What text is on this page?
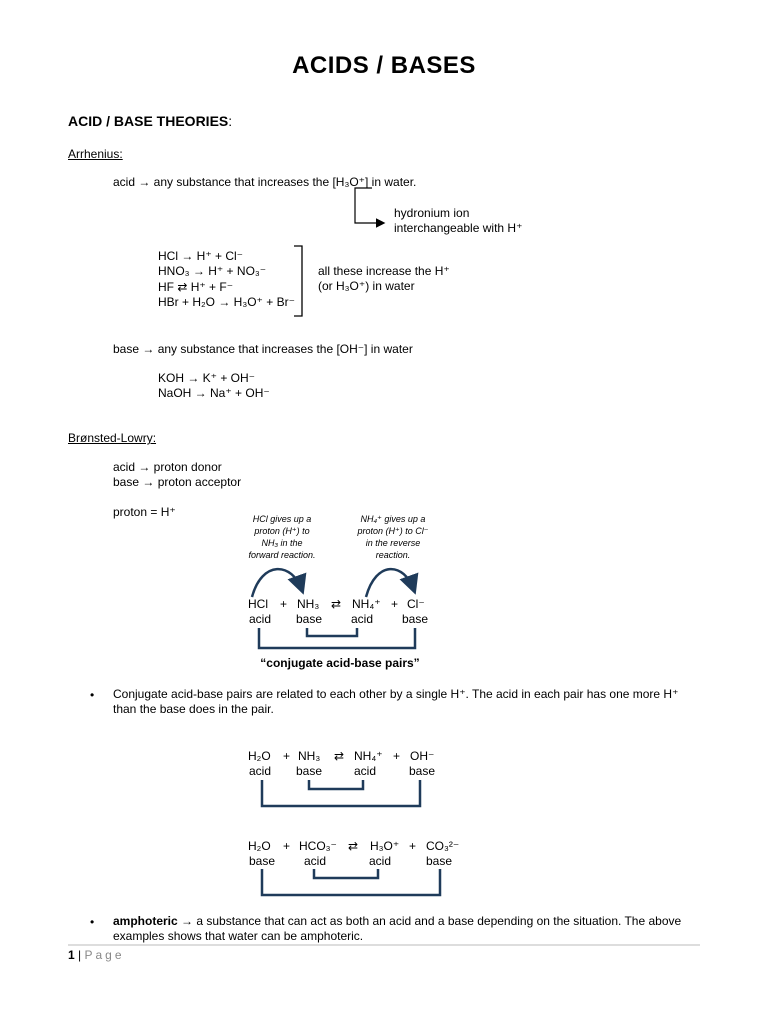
ACIDS / BASES
ACID / BASE THEORIES:
Arrhenius:
acid → any substance that increases the [H₃O⁺] in water.
hydronium ion
interchangeable with H⁺
HCl → H⁺ + Cl⁻
HNO₃ → H⁺ + NO₃⁻
HF ⇄ H⁺ + F⁻
HBr + H₂O → H₃O⁺ + Br⁻
all these increase the H⁺
(or H₃O⁺) in water
base → any substance that increases the [OH⁻] in water
KOH → K⁺ + OH⁻
NaOH → Na⁺ + OH⁻
Brønsted-Lowry:
acid → proton donor
base → proton acceptor
proton = H⁺	HCl gives up a
proton (H⁺) to
NH₃ in the
forward reaction.
NH₄⁺ gives up a
proton (H⁺) to Cl⁻
in the reverse
reaction.
HCl + NH₃ ⇄ NH₄⁺ + Cl⁻
acid	base	acid	base
“conjugate acid-base pairs”
• Conjugate acid-base pairs are related to each other by a single H⁺. The acid in each pair has one more H⁺
than the base does in the pair.
H₂O + NH₃ ⇄ NH₄⁺ + OH⁻
acid	base	acid	base
H₂O + HCO₃⁻ ⇄ H₃O⁺ + CO₃²⁻
base	acid	acid	base
• amphoteric → a substance that can act as both an acid and a base depending on the situation. The above
examples shows that water can be amphoteric.
1 | Page
